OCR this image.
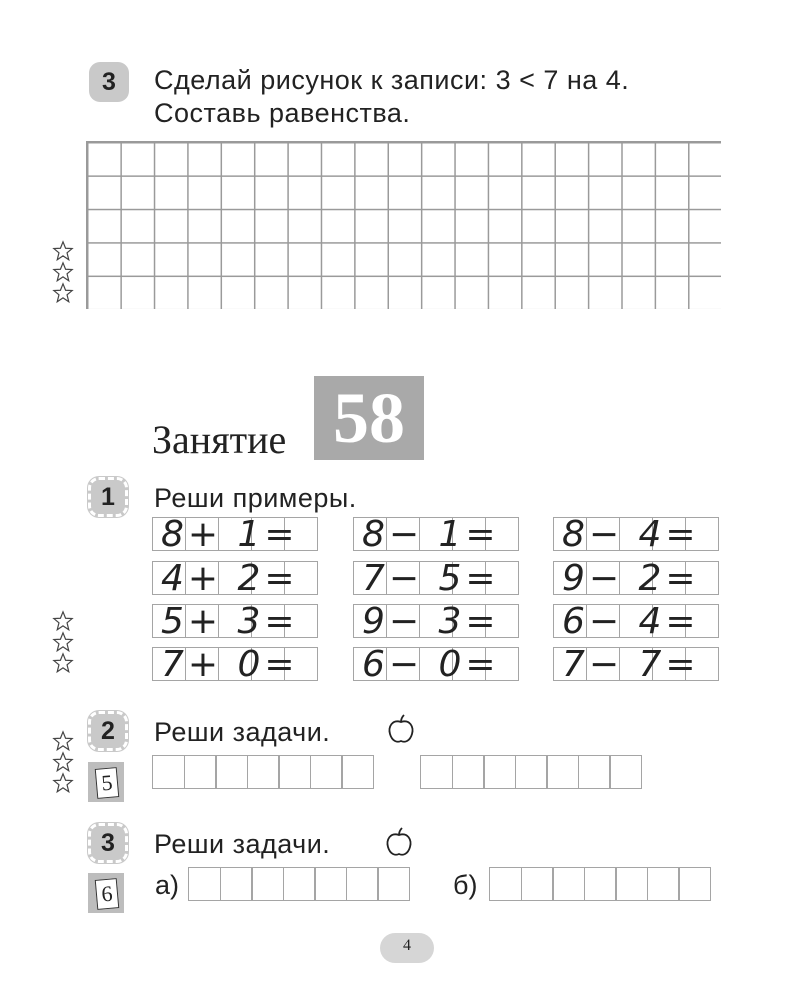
3 Сделай рисунок к записи: 3 < 7 на 4.
Составь равенства.
Занятие 58
1 Реши примеры.
8+ 1=
4+ 2=
5+ 3=
7+ 0=
8− 1=
7− 5=
9− 3=
6− 0=
8− 4=
9− 2=
6− 4=
7− 7=
2 Реши задачи.
5
3 Реши задачи.
6 а)	б)
4
